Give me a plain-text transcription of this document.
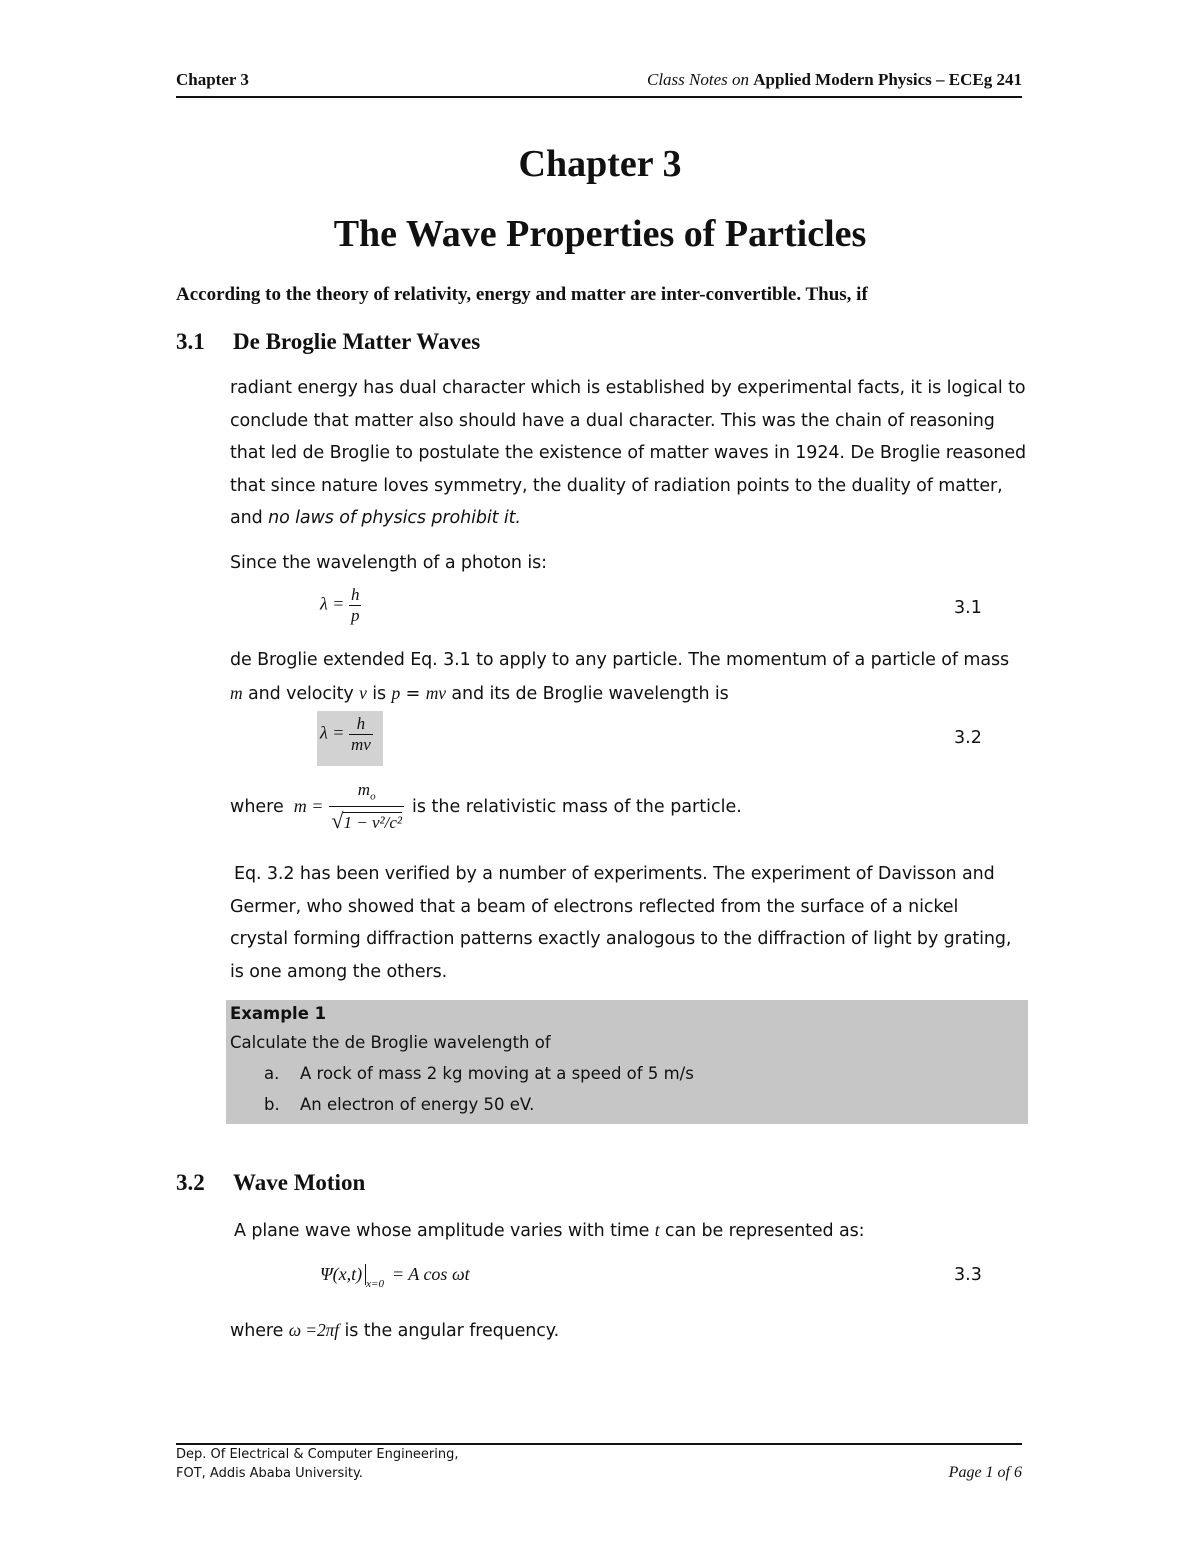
Chapter 3	Class Notes on Applied Modern Physics – ECEg 241
Chapter 3
The Wave Properties of Particles
According to the theory of relativity, energy and matter are inter-convertible. Thus, if
3.1 De Broglie Matter Waves
radiant energy has dual character which is established by experimental facts, it is logical to conclude that matter also should have a dual character. This was the chain of reasoning that led de Broglie to postulate the existence of matter waves in 1924. De Broglie reasoned that since nature loves symmetry, the duality of radiation points to the duality of matter, and no laws of physics prohibit it.
Since the wavelength of a photon is:
$\lambda = \frac{h}{p}$	3.1
de Broglie extended Eq. 3.1 to apply to any particle. The momentum of a particle of mass
m and velocity v is p = mv and its de Broglie wavelength is
$\lambda = \frac{h}{mv}$	3.2
where $m = \frac{m_o}{\text{√1 − v²/c²}}$ is the relativistic mass of the particle.
Eq. 3.2 has been verified by a number of experiments. The experiment of Davisson and Germer, who showed that a beam of electrons reflected from the surface of a nickel crystal forming diffraction patterns exactly analogous to the diffraction of light by grating, is one among the others.
Example 1
Calculate the de Broglie wavelength of
a. A rock of mass 2 kg moving at a speed of 5 m/s
b. An electron of energy 50 eV.
3.2 Wave Motion
A plane wave whose amplitude varies with time t can be represented as:
Ψ(x,t) x=0 = A cos ωt	3.3
where ω =2πf is the angular frequency.
Dep. Of Electrical & Computer Engineering,
FOT, Addis Ababa University.	Page 1 of 6
